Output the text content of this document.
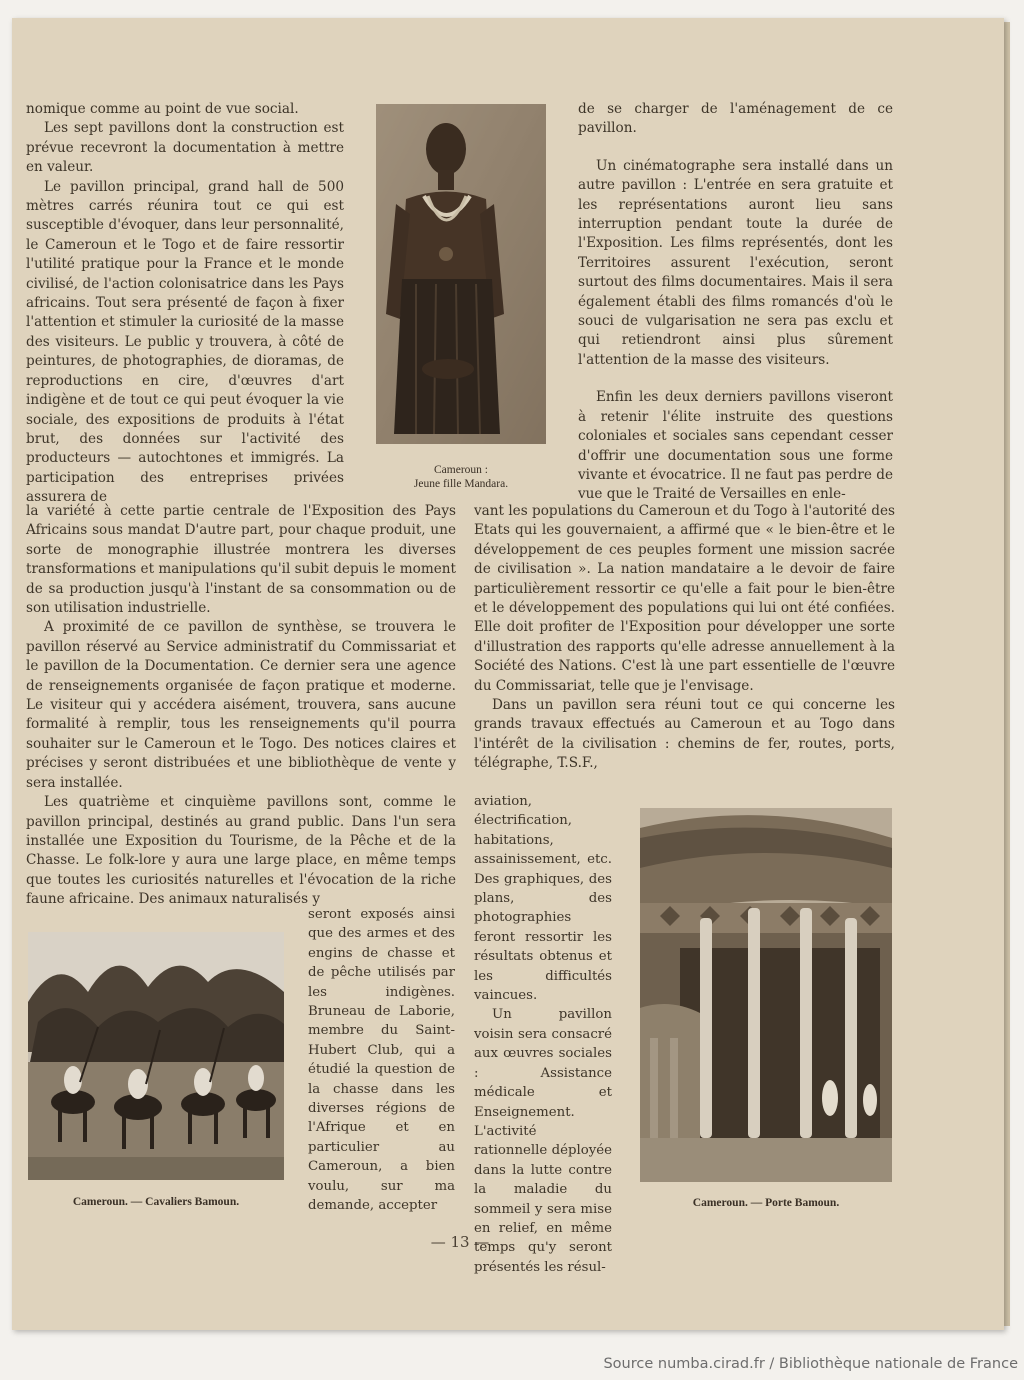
nomique comme au point de vue social.

Les sept pavillons dont la construction est prévue recevront la documentation à mettre en valeur.

Le pavillon principal, grand hall de 500 mètres carrés réunira tout ce qui est susceptible d'évoquer, dans leur personnalité, le Cameroun et le Togo et de faire ressortir l'utilité pratique pour la France et le monde civilisé, de l'action colonisatrice dans les Pays africains. Tout sera présenté de façon à fixer l'attention et stimuler la curiosité de la masse des visiteurs. Le public y trouvera, à côté de peintures, de photographies, de dioramas, de reproductions en cire, d'œuvres d'art indigène et de tout ce qui peut évoquer la vie sociale, des expositions de produits à l'état brut, des données sur l'activité des producteurs — autochtones et immigrés. La participation des entreprises privées assurera de

Cameroun :
Jeune fille Mandara.

de se charger de l'aménagement de ce pavillon.

Un cinématographe sera installé dans un autre pavillon : L'entrée en sera gratuite et les représentations auront lieu sans interruption pendant toute la durée de l'Exposition. Les films représentés, dont les Territoires assurent l'exécution, seront surtout des films documentaires. Mais il sera également établi des films romancés d'où le souci de vulgarisation ne sera pas exclu et qui retiendront ainsi plus sûrement l'attention de la masse des visiteurs.

Enfin les deux derniers pavillons viseront à retenir l'élite instruite des questions coloniales et sociales sans cependant cesser d'offrir une documentation sous une forme vivante et évocatrice. Il ne faut pas perdre de vue que le Traité de Versailles en enle-

la variété à cette partie centrale de l'Exposition des Pays Africains sous mandat D'autre part, pour chaque produit, une sorte de monographie illustrée montrera les diverses transformations et manipulations qu'il subit depuis le moment de sa production jusqu'à l'instant de sa consommation ou de son utilisation industrielle.

A proximité de ce pavillon de synthèse, se trouvera le pavillon réservé au Service administratif du Commissariat et le pavillon de la Documentation. Ce dernier sera une agence de renseignements organisée de façon pratique et moderne. Le visiteur qui y accédera aisément, trouvera, sans aucune formalité à remplir, tous les renseignements qu'il pourra souhaiter sur le Cameroun et le Togo. Des notices claires et précises y seront distribuées et une bibliothèque de vente y sera installée.

Les quatrième et cinquième pavillons sont, comme le pavillon principal, destinés au grand public. Dans l'un sera installée une Exposition du Tourisme, de la Pêche et de la Chasse. Le folk-lore y aura une large place, en même temps que toutes les curiosités naturelles et l'évocation de la riche faune africaine. Des animaux naturalisés y

vant les populations du Cameroun et du Togo à l'autorité des Etats qui les gouvernaient, a affirmé que « le bien-être et le développement de ces peuples forment une mission sacrée de civilisation ». La nation mandataire a le devoir de faire particulièrement ressortir ce qu'elle a fait pour le bien-être et le développement des populations qui lui ont été confiées. Elle doit profiter de l'Exposition pour développer une sorte d'illustration des rapports qu'elle adresse annuellement à la Société des Nations. C'est là une part essentielle de l'œuvre du Commissariat, telle que je l'envisage.

Dans un pavillon sera réuni tout ce qui concerne les grands travaux effectués au Cameroun et au Togo dans l'intérêt de la civilisation : chemins de fer, routes, ports, télégraphe, T.S.F.,

seront exposés ainsi que des armes et des engins de chasse et de pêche utilisés par les indigènes. Bruneau de Laborie, membre du Saint-Hubert Club, qui a étudié la question de la chasse dans les diverses régions de l'Afrique et en particulier au Cameroun, a bien voulu, sur ma demande, accepter

aviation, électrification, habitations, assainissement, etc. Des graphiques, des plans, des photographies feront ressortir les résultats obtenus et les difficultés vaincues.

Un pavillon voisin sera consacré aux œuvres sociales : Assistance médicale et Enseignement. L'activité rationnelle déployée dans la lutte contre la maladie du sommeil y sera mise en relief, en même temps qu'y seront présentés les résul-

Cameroun. — Cavaliers Bamoun.	Cameroun. — Porte Bamoun.
— 13 —
Source numba.cirad.fr / Bibliothèque nationale de France
